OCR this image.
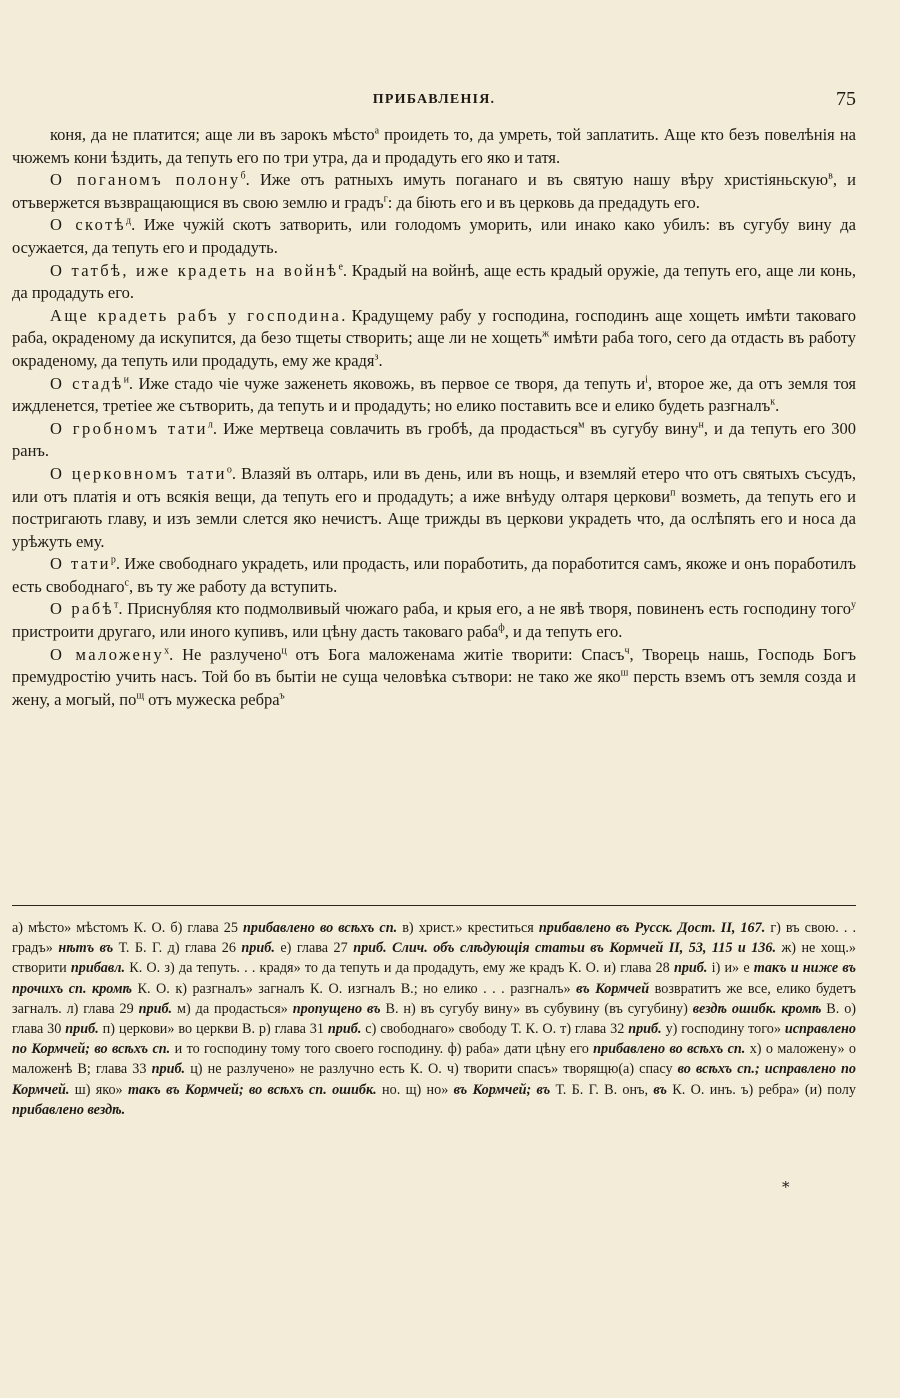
ПРИБАВЛЕНІЯ.	75

коня, да не платится; аще ли въ зарокъ мѣсто$^а$ проидеть то, да умреть, той заплатить. Аще кто безъ повелѣнія на чюжемъ кони ѣздить, да тепуть его по три утра, да и продадуть его яко и татя.

О поганомъ полону$^б$. Иже отъ ратныхъ имуть поганаго и въ святую нашу вѣру христіяньскую$^в$, и отъвержется възвращающися въ свою землю и градъ$^г$: да біють его и въ церковь да предадуть его.

О скотѣ$^д$. Иже чужій скотъ затворить, или голодомъ уморить, или инако како убилъ: въ сугубу вину да осужается, да тепуть его и продадуть.

О татбѣ, иже крадеть на войнѣ$^е$. Крадый на войнѣ, аще есть крадый оружіе, да тепуть его, аще ли конь, да продадуть его.

Аще крадеть рабъ у господина. Крадущему рабу у господина, господинъ аще хощеть имѣти таковаго раба, окраденому да искупится, да безо тщеты створить; аще ли не хощеть$^ж$ имѣти раба того, сего да отдасть въ работу окраденому, да тепуть или продадуть, ему же крадя$^з$.

О стадѣ$^и$. Иже стадо чіе чуже заженеть яковожь, въ первое се творя, да тепуть $и^і$, второе же, да отъ земля тоя иждленется, третіее же сътворить, да тепуть и и продадуть; но елико поставить все и елико будеть разгналъ$^к$.

О гробномъ тати$^л$. Иже мертвеца совлачить въ гробѣ, да продасться$^м$ въ сугубу вину$^н$, и да тепуть его 300 ранъ.

О церковномъ тати$^о$. Влазяй въ олтарь, или въ день, или въ нощь, и вземляй етеро что отъ святыхъ съсудъ, или отъ платія и отъ всякія вещи, да тепуть его и продадуть; а иже внѣуду олтаря церкови$^п$ возметь, да тепуть его и постригають главу, и изъ земли слется яко нечистъ. Аще трижды въ церкови украдеть что, да ослѣпять его и носа да урѣжуть ему.

О тати$^р$. Иже свободнаго украдеть, или продасть, или поработить, да поработится самъ, якоже и онъ поработилъ есть свободнаго$^с$, въ ту же работу да вступить.

О рабѣ$^т$. Приснубляя кто подмолвивый чюжаго раба, и крыя его, а не явѣ творя, повиненъ есть господину того$^у$ пристроити другаго, или иного купивъ, или цѣну дасть таковаго раба$^ф$, и да тепуть его.

О маложену$^х$. Не разлучено$^ц$ отъ Бога маложенама житіе творити: Спасъ$^ч$, Творець нашь, Господь Богъ премудростію учить насъ. Той бо въ бытіи не суща человѣка сътвори: не тако же яко$^ш$ персть вземъ отъ земля созда и жену, а могый, $по^щ$ отъ мужеска ребра$^ъ$

а) мѣсто» мѣстомъ К. О. б) глава 25 прибавлено во всѣхъ сп. в) христ.» креститься прибавлено въ Русск. Дост. II, 167. г) въ свою. . . градъ» нѣтъ въ Т. Б. Г. д) глава 26 приб. е) глава 27 приб. Слич. объ слѣдующія статьи въ Кормчей II, 53, 115 и 136. ж) не хощ.» створити прибавл. К. О. з) да тепуть. . . крадя» то да тепуть и да продадуть, ему же крадъ К. О. и) глава 28 приб. і) и» е такъ и ниже въ прочихъ сп. кромѣ К. О. к) разгналъ» загналъ К. О. изгналъ В.; но елико . . . разгналъ» въ Кормчей возвратитъ же все, елико будетъ загналъ. л) глава 29 приб. м) да продасться» пропущено въ В. н) въ сугубу вину» въ субувину (въ сугубину) вездѣ ошибк. кромѣ В. о) глава 30 приб. п) церкови» во церкви В. р) глава 31 приб. с) свободнаго» свободу Т. К. О. т) глава 32 приб. у) господину того» исправлено по Кормчей; во всѣхъ сп. и то господину тому того своего господину. ф) раба» дати цѣну его прибавлено во всѣхъ сп. х) о маложену» о маложенѣ В; глава 33 приб. ц) не разлучено» не разлучно есть К. О. ч) творити спасъ» творящю(а) спасу во всѣхъ сп.; исправлено по Кормчей. ш) яко» такъ въ Кормчей; во всѣхъ сп. ошибк. но. щ) но» въ Кормчей; въ Т. Б. Г. В. онъ, въ К. О. инъ. ъ) ребра» (и) полу прибавлено вездѣ.

*
